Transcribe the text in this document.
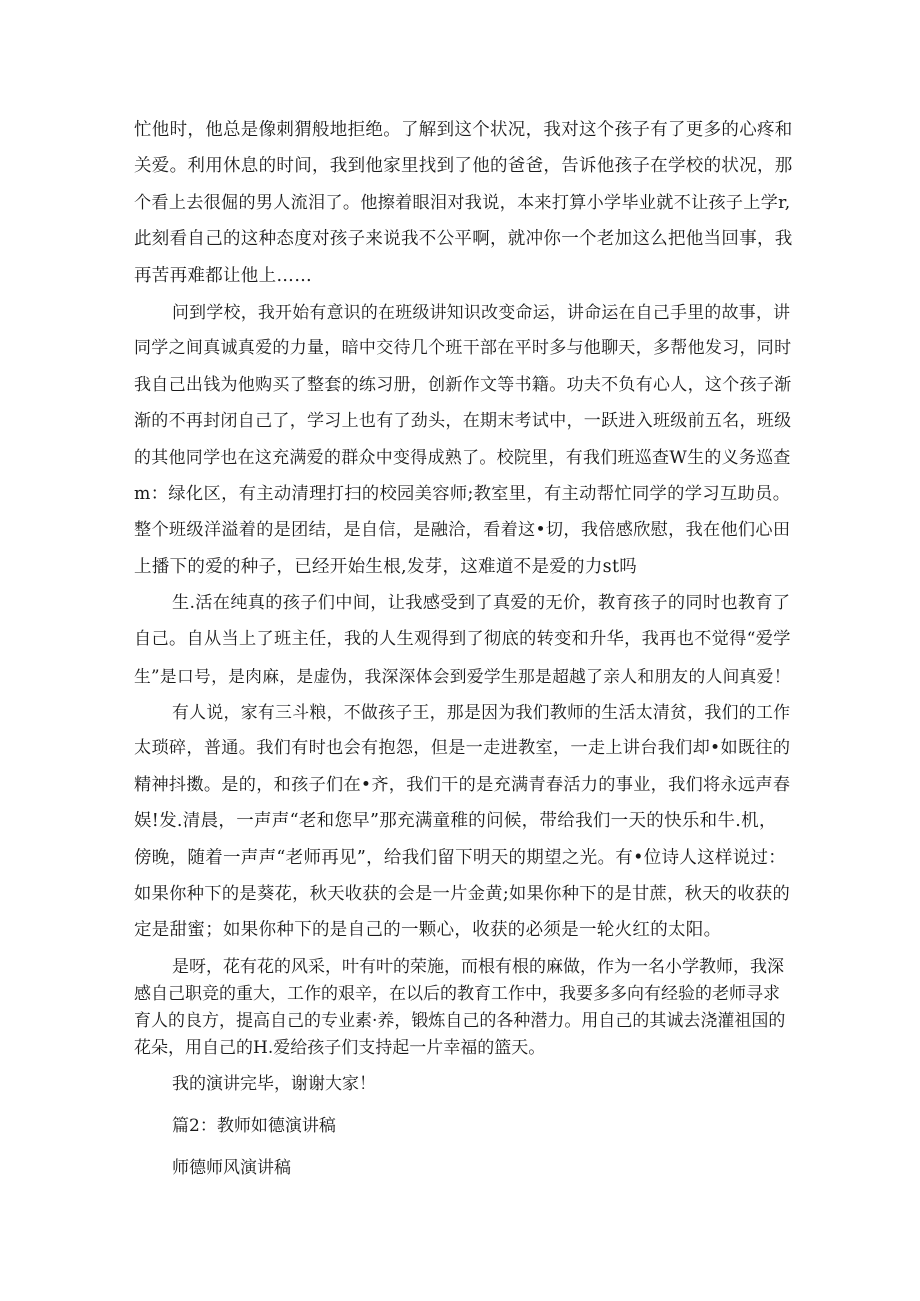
忙他时，他总是像刺猬般地拒绝。了解到这个状况，我对这个孩子有了更多的心疼和
关爱。利用休息的时间，我到他家里找到了他的爸爸，告诉他孩子在学校的状况，那
个看上去很倔的男人流泪了。他擦着眼泪对我说，本来打算小学毕业就不让孩子上学r,
此刻看自己的这种态度对孩子来说我不公平啊，就冲你一个老加这么把他当回事，我
再苦再难都让他上……
问到学校，我开始有意识的在班级讲知识改变命运，讲命运在自己手里的故事，讲
同学之间真诚真爱的力量，暗中交待几个班干部在平时多与他聊天，多帮他发习，同时
我自己出钱为他购买了整套的练习册，创新作文等书籍。功夫不负有心人，这个孩子渐
渐的不再封闭自己了，学习上也有了劲头，在期末考试中，一跃进入班级前五名，班级
的其他同学也在这充满爱的群众中变得成熟了。校院里，有我们班巡查W生的义务巡查
m：绿化区，有主动清理打扫的校园美容师;教室里，有主动帮忙同学的学习互助员。
整个班级洋溢着的是团结，是自信，是融洽，看着这•切，我倍感欣慰，我在他们心田
上播下的爱的种子，已经开始生根,发芽，这难道不是爱的力st吗
生.活在纯真的孩子们中间，让我感受到了真爱的无价，教育孩子的同时也教育了
自己。自从当上了班主任，我的人生观得到了彻底的转变和升华，我再也不觉得“爱学
生”是口号，是肉麻，是虚伪，我深深体会到爱学生那是超越了亲人和朋友的人间真爱！
有人说，家有三斗粮，不做孩子王，那是因为我们教师的生活太清贫，我们的工作
太琐碎，普通。我们有时也会有抱怨，但是一走进教室，一走上讲台我们却•如既往的
精神抖擞。是的，和孩子们在•齐，我们干的是充满青春活力的事业，我们将永远声春
娱!发.清晨，一声声“老和您早”那充满童稚的问候，带给我们一天的快乐和牛.机，
傍晚，随着一声声“老师再见”，给我们留下明天的期望之光。有•位诗人这样说过：
如果你种下的是葵花，秋天收获的会是一片金黄;如果你种下的是甘蔗，秋天的收获的
定是甜蜜；如果你种下的是自己的一颗心，收获的必须是一轮火红的太阳。
是呀，花有花的风采，叶有叶的荣施，而根有根的麻做，作为一名小学教师，我深
感自己职竞的重大，工作的艰辛，在以后的教育工作中，我要多多向有经验的老师寻求
育人的良方，提高自己的专业素·养，锻炼自己的各种潜力。用自己的其诚去浇灌祖国的
花朵，用自己的H.爱给孩子们支持起一片幸福的篮天。
我的演讲完毕，谢谢大家！
篇2：教师如德演讲稿
师德师风演讲稿
